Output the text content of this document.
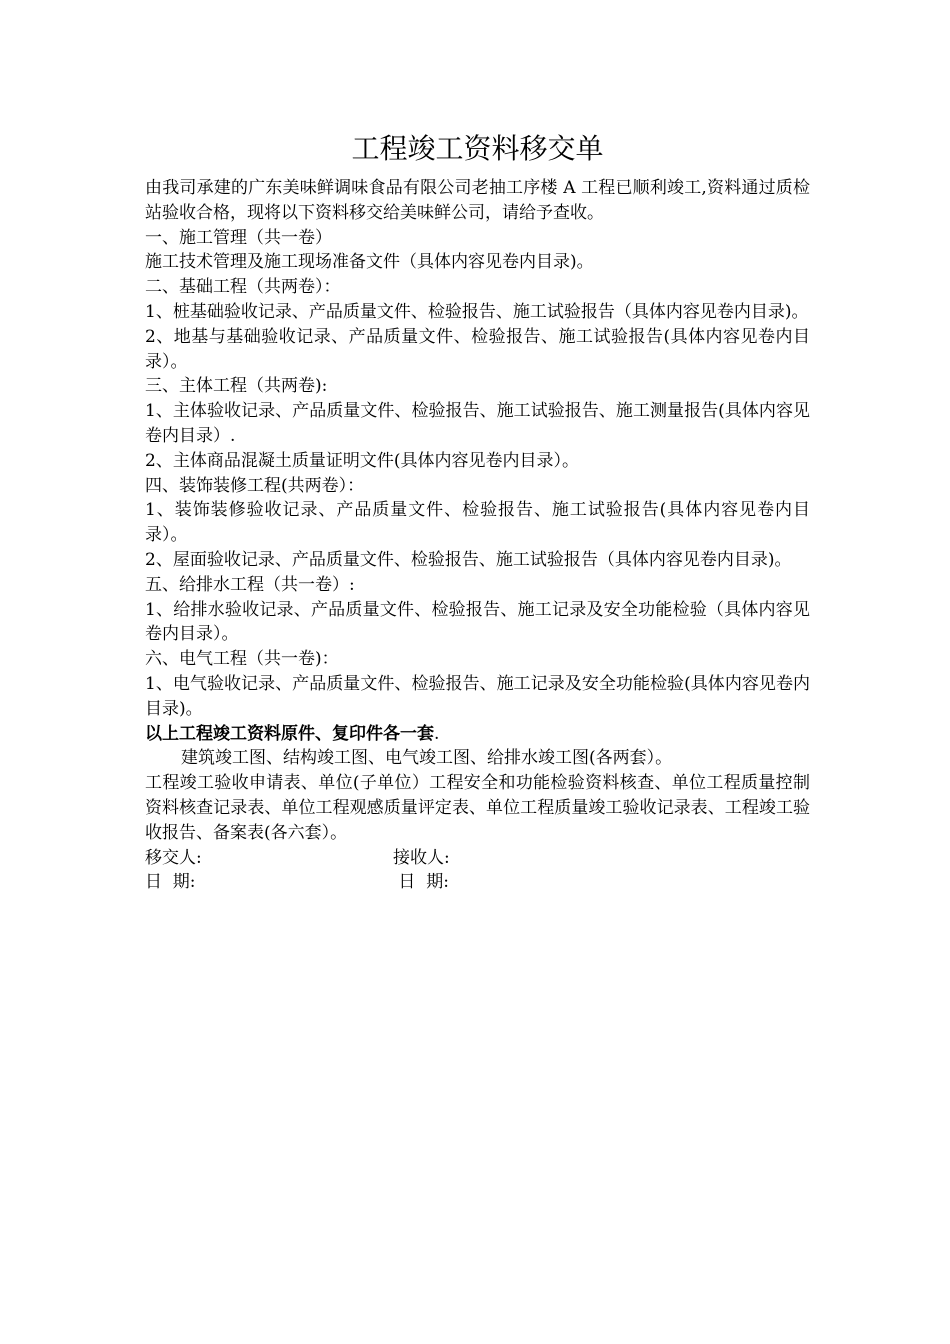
工程竣工资料移交单

由我司承建的广东美味鲜调味食品有限公司老抽工序楼 A 工程已顺利竣工,资料通过质检站验收合格，现将以下资料移交给美味鲜公司，请给予查收。

一、施工管理（共一卷）

施工技术管理及施工现场准备文件（具体内容见卷内目录)。

二、基础工程（共两卷）：

1、桩基础验收记录、产品质量文件、检验报告、施工试验报告（具体内容见卷内目录)。

2、地基与基础验收记录、产品质量文件、检验报告、施工试验报告(具体内容见卷内目录）。

三、主体工程（共两卷):

1、主体验收记录、产品质量文件、检验报告、施工试验报告、施工测量报告(具体内容见卷内目录）.

2、主体商品混凝土质量证明文件(具体内容见卷内目录）。

四、装饰装修工程(共两卷）：

1、装饰装修验收记录、产品质量文件、检验报告、施工试验报告(具体内容见卷内目录）。

2、屋面验收记录、产品质量文件、检验报告、施工试验报告（具体内容见卷内目录)。

五、给排水工程（共一卷）:

1、给排水验收记录、产品质量文件、检验报告、施工记录及安全功能检验（具体内容见卷内目录）。

六、电气工程（共一卷)：

1、电气验收记录、产品质量文件、检验报告、施工记录及安全功能检验(具体内容见卷内目录)。

以上工程竣工资料原件、复印件各一套.

建筑竣工图、结构竣工图、电气竣工图、给排水竣工图(各两套）。

工程竣工验收申请表、单位(子单位）工程安全和功能检验资料核查、单位工程质量控制资料核查记录表、单位工程观感质量评定表、单位工程质量竣工验收记录表、工程竣工验收报告、备案表(各六套）。

移交人:	接收人:
日  期:	日  期:
